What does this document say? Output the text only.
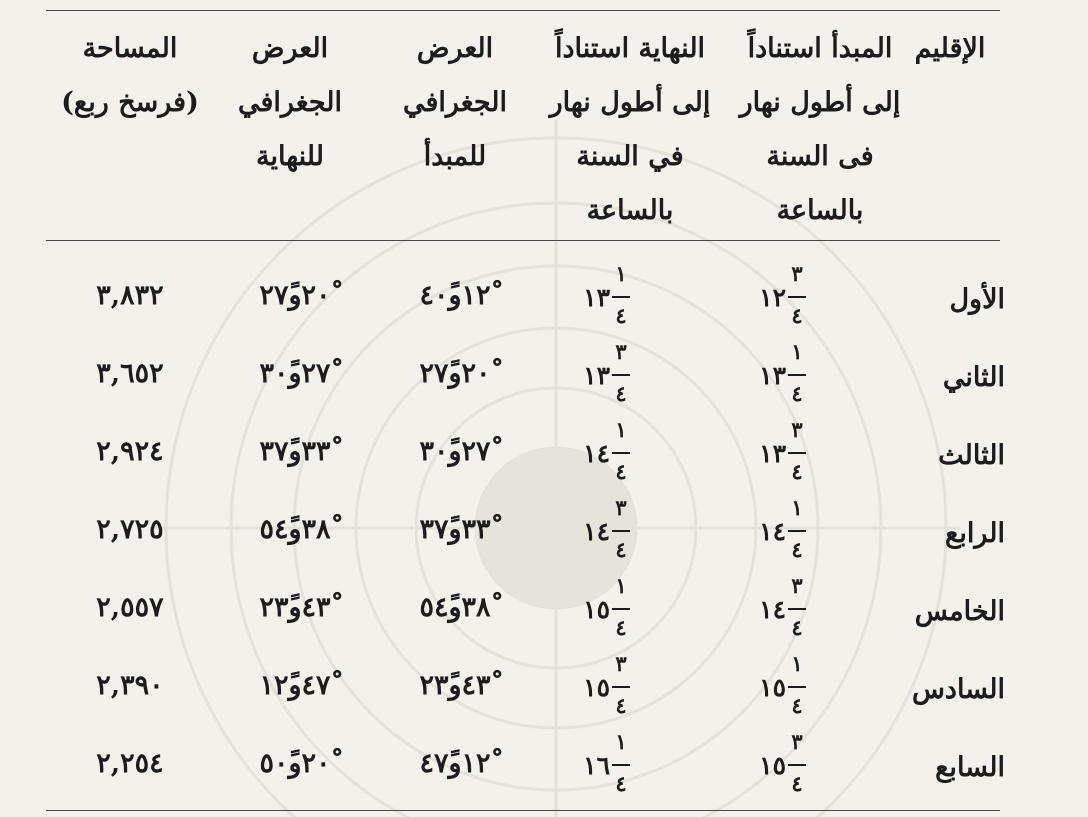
الإقليم
المبدأ استناداً
إلى أطول نهار
فى السنة
بالساعة
النهاية استناداً
إلى أطول نهار
في السنة
بالساعة
العرض
الجغرافي
للمبدأ
العرض
الجغرافي
للنهاية
المساحة
(فرسخ ربع)
الأول
٣
٤
١٢
١
٤
١٣
١٢ْو٤٠ً
٢٠ْو٢٧ً
٣,٨٣٢
الثاني
١
٤
١٣
٣
٤
١٣
٢٠ْو٢٧ً
٢٧ْو٣٠ً
٣,٦٥٢
الثالث
٣
٤
١٣
١
٤
١٤
٢٧ْو٣٠ً
٣٣ْو٣٧ً
٢,٩٢٤
الرابع
١
٤
١٤
٣
٤
١٤
٣٣ْو٣٧ً
٣٨ْو٥٤ً
٢,٧٢٥
الخامس
٣
٤
١٤
١
٤
١٥
٣٨ْو٥٤ً
٤٣ْو٢٣ً
٢,٥٥٧
السادس
١
٤
١٥
٣
٤
١٥
٤٣ْو٢٣ً
٤٧ْو١٢ً
٢,٣٩٠
السابع
٣
٤
١٥
١
٤
١٦
١٢ْو٤٧ً
٢٠ْو٥٠ً
٢,٢٥٤
